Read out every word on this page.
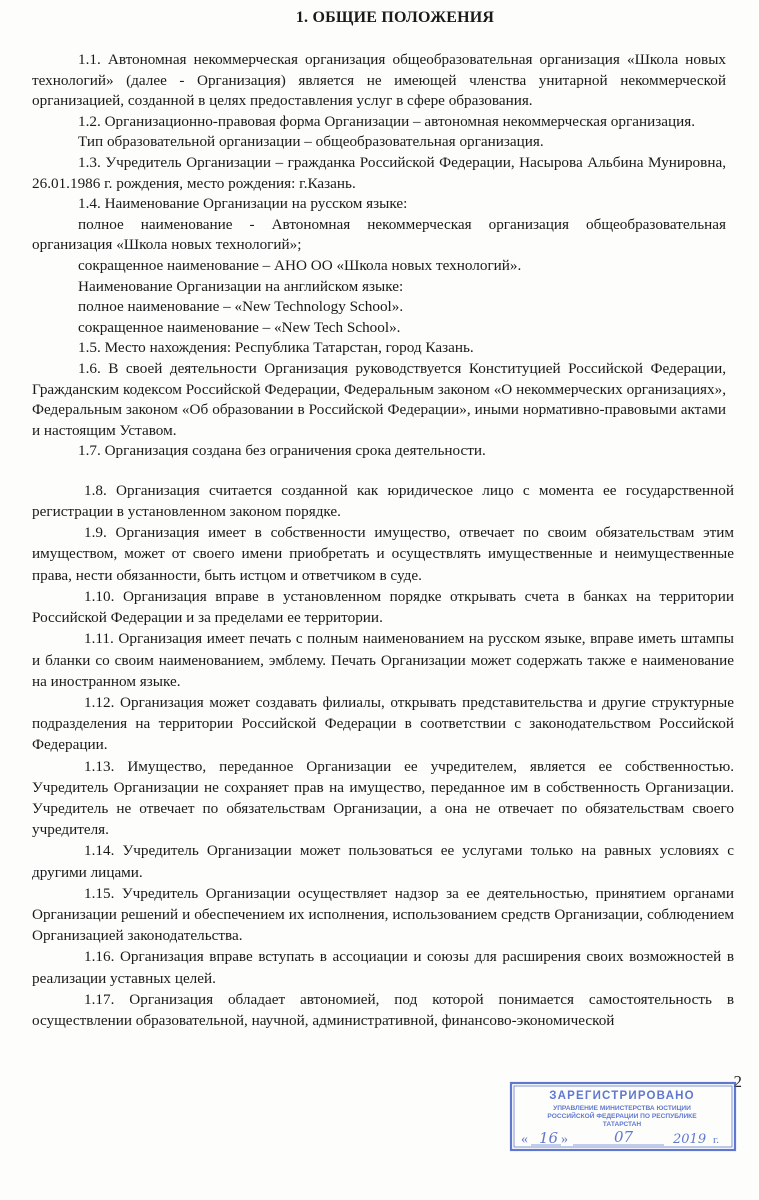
1. ОБЩИЕ ПОЛОЖЕНИЯ

1.1. Автономная некоммерческая организация общеобразовательная организация «Школа новых технологий» (далее - Организация) является не имеющей членства унитарной некоммерческой организацией, созданной в целях предоставления услуг в сфере образования.

1.2. Организационно-правовая форма Организации – автономная некоммерческая организация.

Тип образовательной организации – общеобразовательная организация.

1.3. Учредитель Организации – гражданка Российской Федерации, Насырова Альбина Мунировна, 26.01.1986 г. рождения, место рождения: г.Казань.

1.4. Наименование Организации на русском языке:

полное наименование - Автономная некоммерческая организация общеобразовательная организация «Школа новых технологий»;

сокращенное наименование – АНО ОО «Школа новых технологий».

Наименование Организации на английском языке:

полное наименование – «New Technology School».

сокращенное наименование – «New Tech School».

1.5. Место нахождения: Республика Татарстан, город Казань.

1.6. В своей деятельности Организация руководствуется Конституцией Российской Федерации, Гражданским кодексом Российской Федерации, Федеральным законом «О некоммерческих организациях», Федеральным законом «Об образовании в Российской Федерации», иными нормативно-правовыми актами и настоящим Уставом.

1.7. Организация создана без ограничения срока деятельности.

1.8. Организация считается созданной как юридическое лицо с момента ее государственной регистрации в установленном законом порядке.

1.9. Организация имеет в собственности имущество, отвечает по своим обязательствам этим имуществом, может от своего имени приобретать и осуществлять имущественные и неимущественные права, нести обязанности, быть истцом и ответчиком в суде.

1.10. Организация вправе в установленном порядке открывать счета в банках на территории Российской Федерации и за пределами ее территории.

1.11. Организация имеет печать с полным наименованием на русском языке, вправе иметь штампы и бланки со своим наименованием, эмблему. Печать Организации может содержать также е наименование на иностранном языке.

1.12. Организация может создавать филиалы, открывать представительства и другие структурные подразделения на территории Российской Федерации в соответствии с законодательством Российской Федерации.

1.13. Имущество, переданное Организации ее учредителем, является ее собственностью. Учредитель Организации не сохраняет прав на имущество, переданное им в собственность Организации. Учредитель не отвечает по обязательствам Организации, а она не отвечает по обязательствам своего учредителя.

1.14. Учредитель Организации может пользоваться ее услугами только на равных условиях с другими лицами.

1.15. Учредитель Организации осуществляет надзор за ее деятельностью, принятием органами Организации решений и обеспечением их исполнения, использованием средств Организации, соблюдением Организацией законодательства.

1.16. Организация вправе вступать в ассоциации и союзы для расширения своих возможностей в реализации уставных целей.

1.17. Организация обладает автономией, под которой понимается самостоятельность в осуществлении образовательной, научной, административной, финансово-экономической

2
ЗАРЕГИСТРИРОВАНО
УПРАВЛЕНИЕ МИНИСТЕРСТВА ЮСТИЦИИ
РОССИЙСКОЙ ФЕДЕРАЦИИ ПО РЕСПУБЛИКЕ
ТАТАРСТАН
« 16 »	07	2019 г.
